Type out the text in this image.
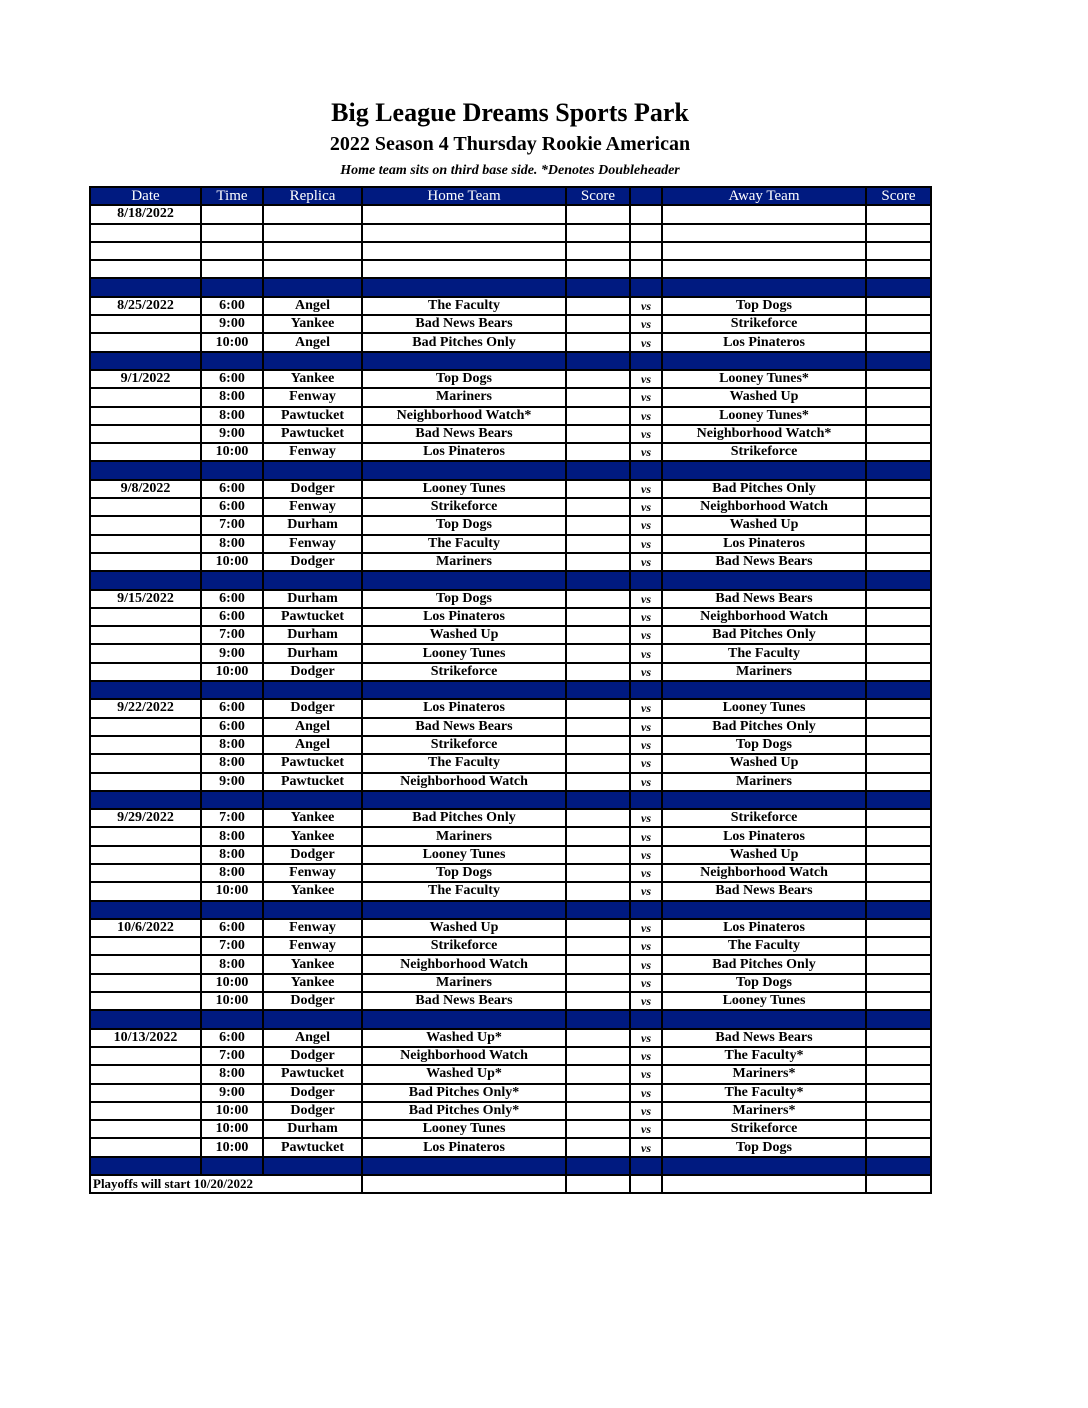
Big League Dreams Sports Park
2022 Season 4 Thursday Rookie American
Home team sits on third base side. *Denotes Doubleheader
Date	Time	Replica	Home Team	Score		Away Team	Score
8/18/2022							

8/25/2022	6:00	Angel	The Faculty		vs	Top Dogs	
	9:00	Yankee	Bad News Bears		vs	Strikeforce	
	10:00	Angel	Bad Pitches Only		vs	Los Pinateros	

9/1/2022	6:00	Yankee	Top Dogs		vs	Looney Tunes*	
	8:00	Fenway	Mariners		vs	Washed Up	
	8:00	Pawtucket	Neighborhood Watch*		vs	Looney Tunes*	
	9:00	Pawtucket	Bad News Bears		vs	Neighborhood Watch*	
	10:00	Fenway	Los Pinateros		vs	Strikeforce	

9/8/2022	6:00	Dodger	Looney Tunes		vs	Bad Pitches Only	
	6:00	Fenway	Strikeforce		vs	Neighborhood Watch	
	7:00	Durham	Top Dogs		vs	Washed Up	
	8:00	Fenway	The Faculty		vs	Los Pinateros	
	10:00	Dodger	Mariners		vs	Bad News Bears	

9/15/2022	6:00	Durham	Top Dogs		vs	Bad News Bears	
	6:00	Pawtucket	Los Pinateros		vs	Neighborhood Watch	
	7:00	Durham	Washed Up		vs	Bad Pitches Only	
	9:00	Durham	Looney Tunes		vs	The Faculty	
	10:00	Dodger	Strikeforce		vs	Mariners	

9/22/2022	6:00	Dodger	Los Pinateros		vs	Looney Tunes	
	6:00	Angel	Bad News Bears		vs	Bad Pitches Only	
	8:00	Angel	Strikeforce		vs	Top Dogs	
	8:00	Pawtucket	The Faculty		vs	Washed Up	
	9:00	Pawtucket	Neighborhood Watch		vs	Mariners	

9/29/2022	7:00	Yankee	Bad Pitches Only		vs	Strikeforce	
	8:00	Yankee	Mariners		vs	Los Pinateros	
	8:00	Dodger	Looney Tunes		vs	Washed Up	
	8:00	Fenway	Top Dogs		vs	Neighborhood Watch	
	10:00	Yankee	The Faculty		vs	Bad News Bears	

10/6/2022	6:00	Fenway	Washed Up		vs	Los Pinateros	
	7:00	Fenway	Strikeforce		vs	The Faculty	
	8:00	Yankee	Neighborhood Watch		vs	Bad Pitches Only	
	10:00	Yankee	Mariners		vs	Top Dogs	
	10:00	Dodger	Bad News Bears		vs	Looney Tunes	

10/13/2022	6:00	Angel	Washed Up*		vs	Bad News Bears	
	7:00	Dodger	Neighborhood Watch		vs	The Faculty*	
	8:00	Pawtucket	Washed Up*		vs	Mariners*	
	9:00	Dodger	Bad Pitches Only*		vs	The Faculty*	
	10:00	Dodger	Bad Pitches Only*		vs	Mariners*	
	10:00	Durham	Looney Tunes		vs	Strikeforce	
	10:00	Pawtucket	Los Pinateros		vs	Top Dogs	

Playoffs will start 10/20/2022							
